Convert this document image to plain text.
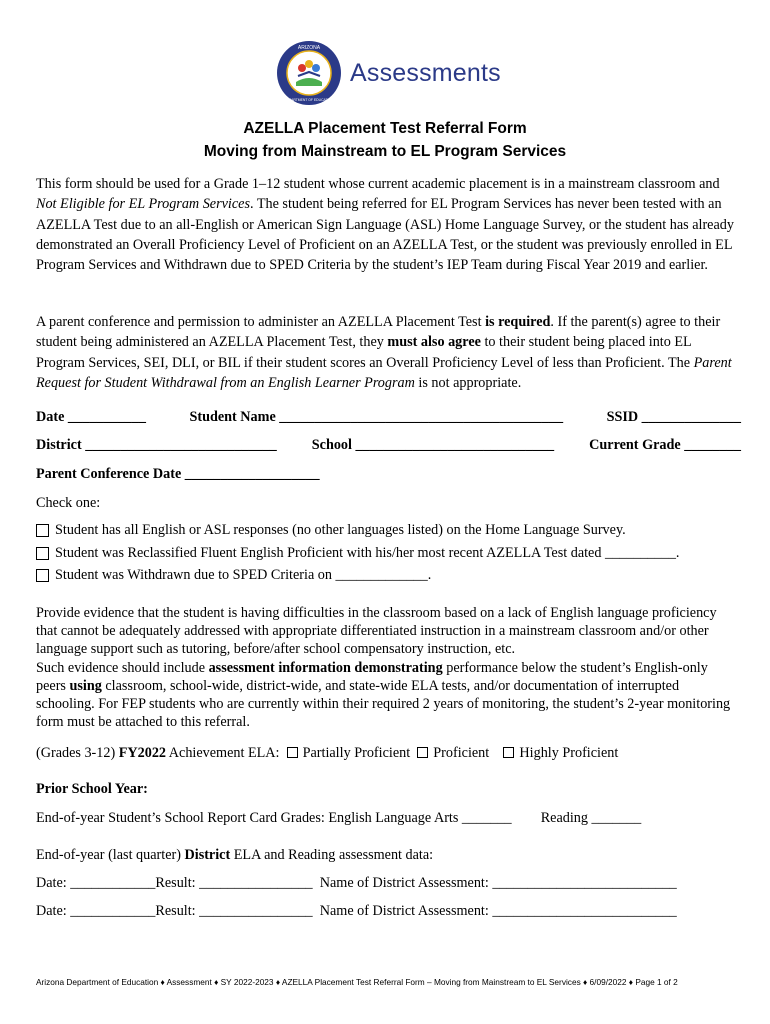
ARIZONA
DEPARTMENT OF EDUCATION
Assessments
AZELLA Placement Test Referral Form
Moving from Mainstream to EL Program Services

This form should be used for a Grade 1–12 student whose current academic placement is in a mainstream classroom and Not Eligible for EL Program Services. The student being referred for EL Program Services has never been tested with an AZELLA Test due to an all-English or American Sign Language (ASL) Home Language Survey, or the student has already demonstrated an Overall Proficiency Level of Proficient on an AZELLA Test, or the student was previously enrolled in EL Program Services and Withdrawn due to SPED Criteria by the student’s IEP Team during Fiscal Year 2019 and earlier.

A parent conference and permission to administer an AZELLA Placement Test is required. If the parent(s) agree to their student being administered an AZELLA Placement Test, they must also agree to their student being placed into EL Program Services, SEI, DLI, or BIL if their student scores an Overall Proficiency Level of less than Proficient. The Parent Request for Student Withdrawal from an English Learner Program is not appropriate.

Date ___________	Student Name ________________________________________	SSID ______________
District ___________________________ School ____________________________ Current Grade ________
Parent Conference Date ___________________
Check one:
Student has all English or ASL responses (no other languages listed) on the Home Language Survey.
Student was Reclassified Fluent English Proficient with his/her most recent AZELLA Test dated __________.
Student was Withdrawn due to SPED Criteria on _____________.

Provide evidence that the student is having difficulties in the classroom based on a lack of English language proficiency that cannot be adequately addressed with appropriate differentiated instruction in a mainstream classroom and/or other language support such as tutoring, before/after school compensatory instruction, etc.
Such evidence should include assessment information demonstrating performance below the student’s English-only peers using classroom, school-wide, district-wide, and state-wide ELA tests, and/or documentation of interrupted schooling. For FEP students who are currently within their required 2 years of monitoring, the student’s 2-year monitoring form must be attached to this referral.

(Grades 3-12) FY2022 Achievement ELA: Partially Proficient Proficient Highly Proficient
Prior School Year:
End-of-year Student’s School Report Card Grades: English Language Arts _______ Reading _______
End-of-year (last quarter) District ELA and Reading assessment data:
Date: ____________Result: ________________ Name of District Assessment: __________________________
Date: ____________Result: ________________ Name of District Assessment: __________________________
Arizona Department of Education ♦ Assessment ♦ SY 2022-2023 ♦ AZELLA Placement Test Referral Form – Moving from Mainstream to EL Services ♦ 6/09/2022 ♦ Page 1 of 2
